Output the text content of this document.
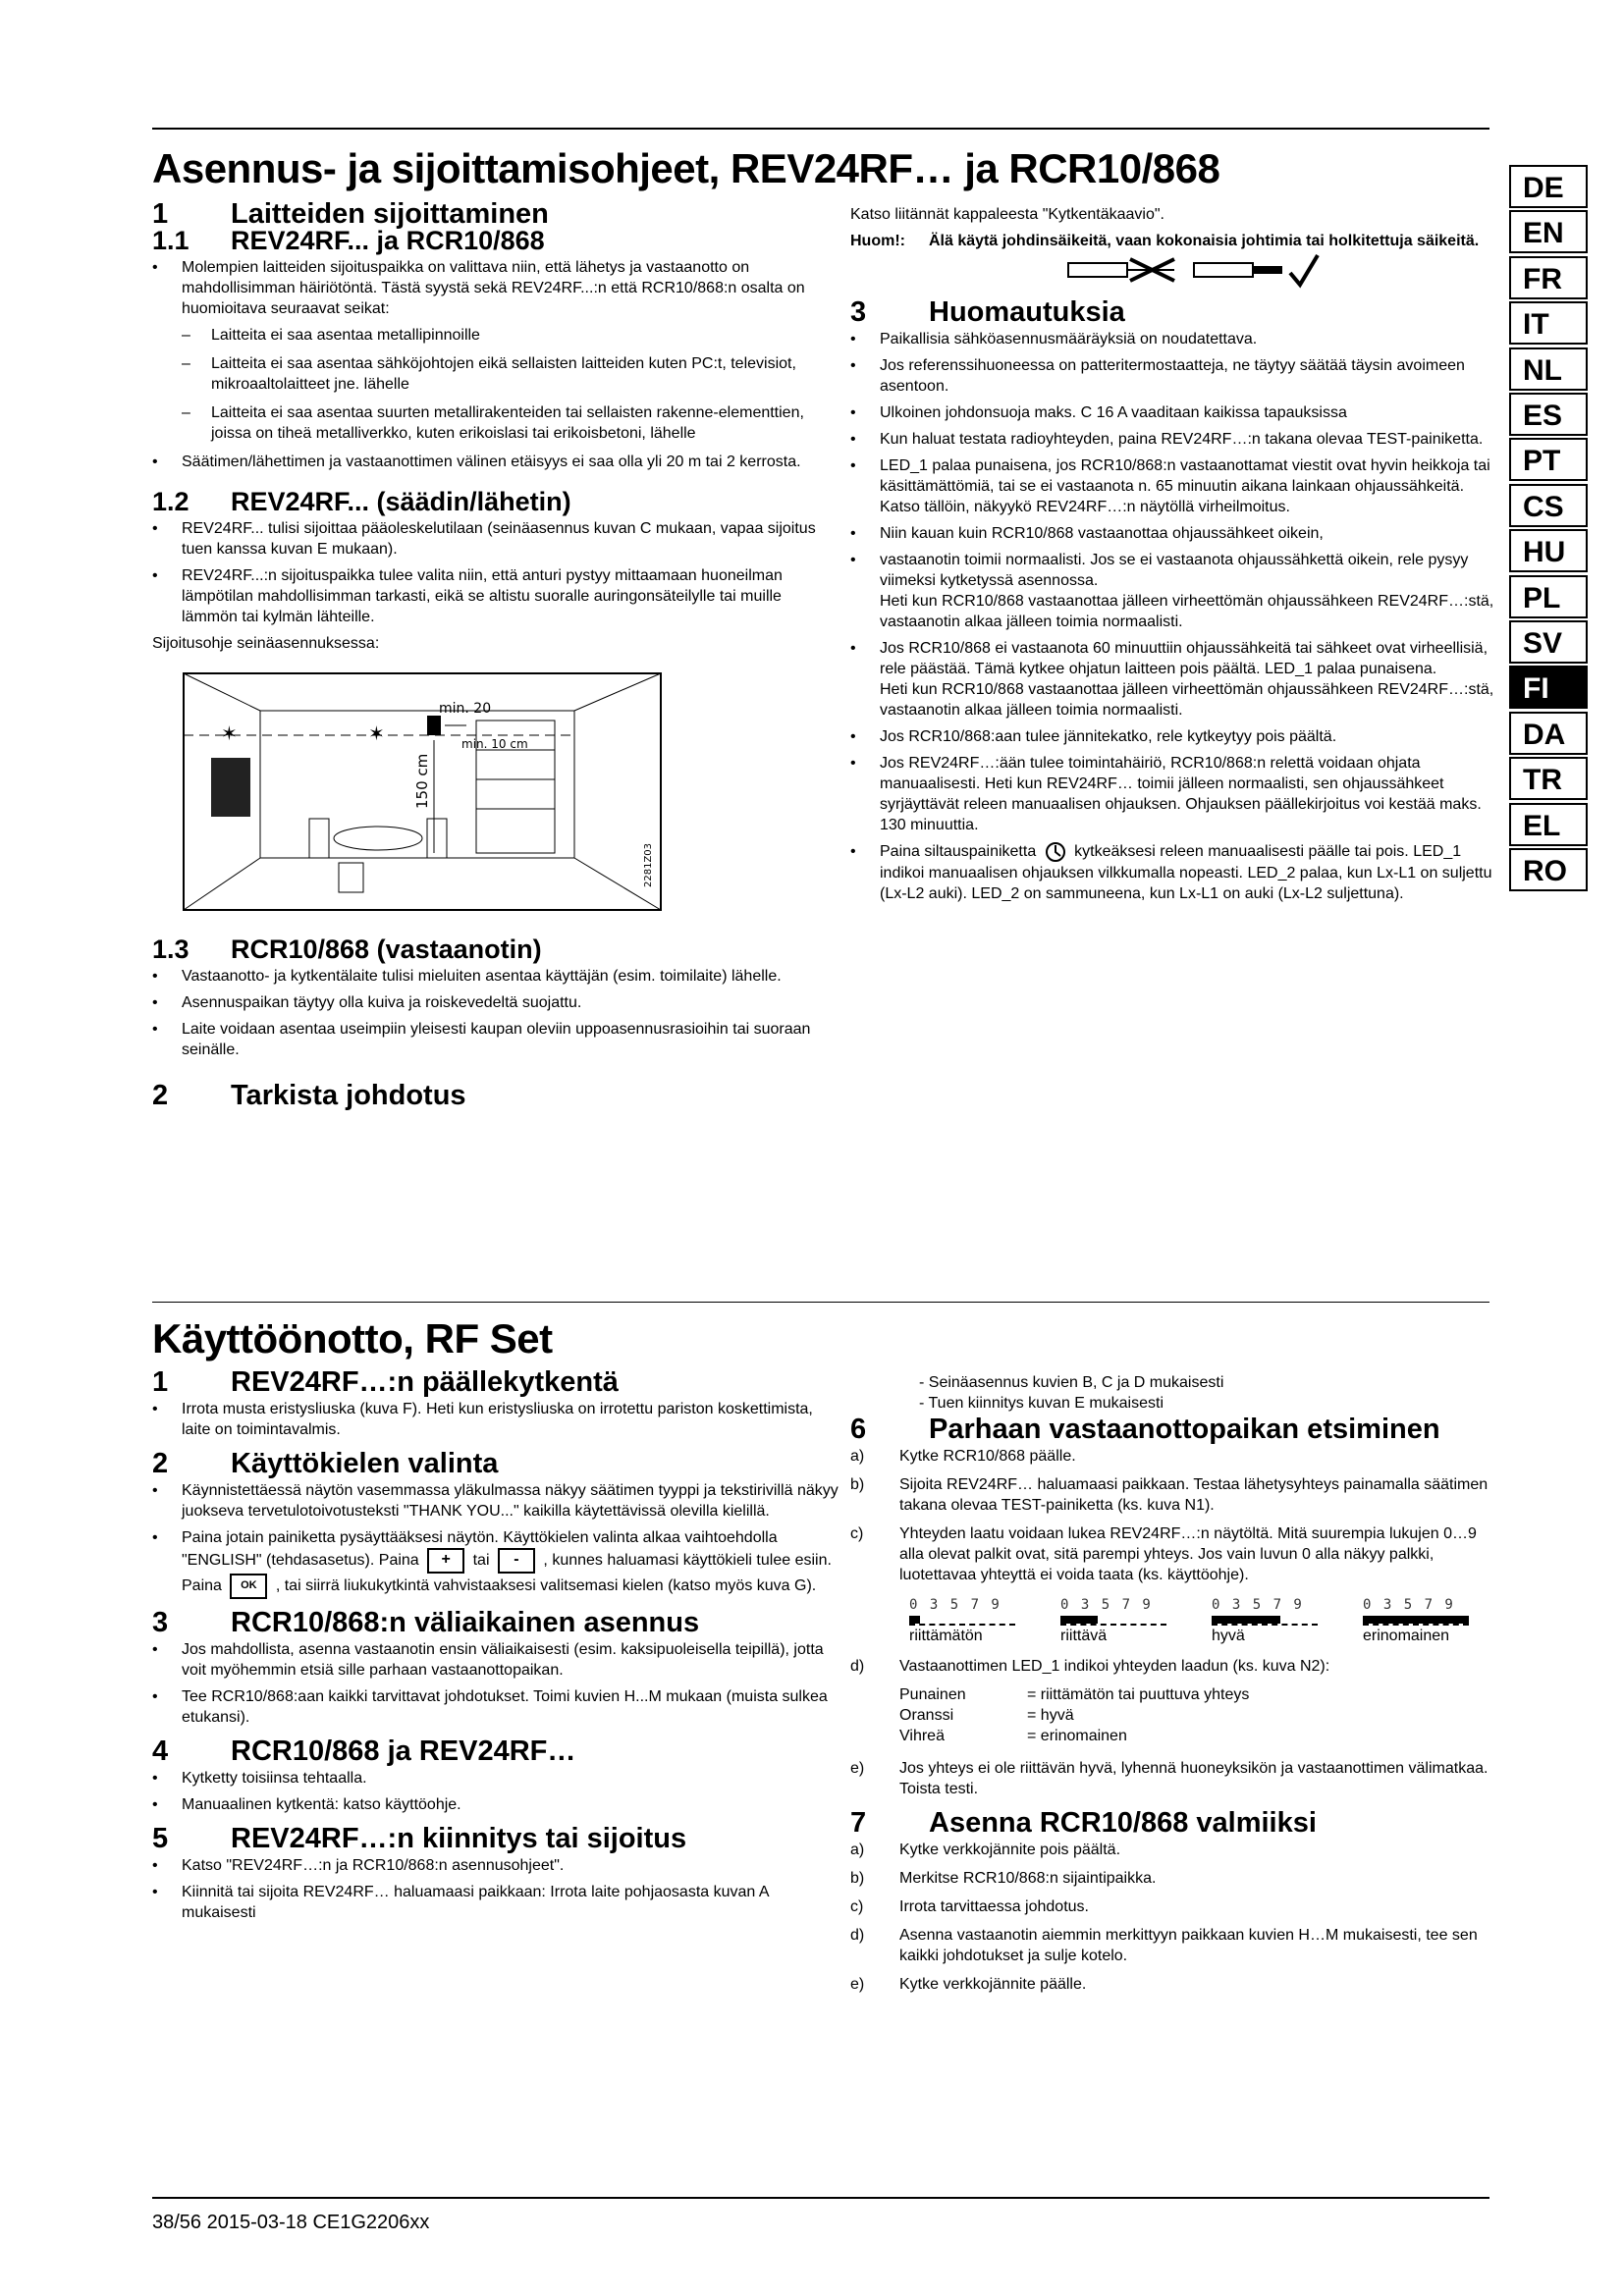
DE
EN
FR
IT
NL
ES
PT
CS
HU
PL
SV
FI
DA
TR
EL
RO
Asennus- ja sijoittamisohjeet, REV24RF… ja RCR10/868
1	Laitteiden sijoittaminen
1.1	REV24RF... ja RCR10/868
• Molempien laitteiden sijoituspaikka on valittava niin, että lähetys ja vastaanotto on mahdollisimman häiriötöntä. Tästä syystä sekä REV24RF...:n että RCR10/868:n osalta on huomioitava seuraavat seikat:
– Laitteita ei saa asentaa metallipinnoille
– Laitteita ei saa asentaa sähköjohtojen eikä sellaisten laitteiden kuten PC:t, televisiot, mikroaaltolaitteet jne. lähelle
– Laitteita ei saa asentaa suurten metallirakenteiden tai sellaisten rakenne-elementtien, joissa on tiheä metalliverkko, kuten erikoislasi tai erikoisbetoni, lähelle
• Säätimen/lähettimen ja vastaanottimen välinen etäisyys ei saa olla yli 20 m tai 2 kerrosta.
1.2	REV24RF... (säädin/lähetin)
• REV24RF... tulisi sijoittaa pääoleskelutilaan (seinäasennus kuvan C mukaan, vapaa sijoitus tuen kanssa kuvan E mukaan).
• REV24RF...:n sijoituspaikka tulee valita niin, että anturi pystyy mittaamaan huoneilman lämpötilan mahdollisimman tarkasti, eikä se altistu suoralle auringonsäteilylle tai muille lämmön tai kylmän lähteille.

Sijoitusohje seinäasennuksessa:

✶	✶
min. 20
min. 10 cm
150 cm
2281Z03
1.3	RCR10/868 (vastaanotin)
• Vastaanotto- ja kytkentälaite tulisi mieluiten asentaa käyttäjän (esim. toimilaite) lähelle.
• Asennuspaikan täytyy olla kuiva ja roiskevedeltä suojattu.
• Laite voidaan asentaa useimpiin yleisesti kaupan oleviin uppoasennusrasioihin tai suoraan seinälle.
2	Tarkista johdotus

Katso liitännät kappaleesta "Kytkentäkaavio".

Huom!:	Älä käytä johdinsäikeitä, vaan kokonaisia johtimia tai holkitettuja säikeitä.
3	Huomautuksia
• Paikallisia sähköasennusmääräyksiä on noudatettava.
• Jos referenssihuoneessa on patteritermostaatteja, ne täytyy säätää täysin avoimeen asentoon.
• Ulkoinen johdonsuoja maks. C 16 A vaaditaan kaikissa tapauksissa
• Kun haluat testata radioyhteyden, paina REV24RF…:n takana olevaa TEST-painiketta.
• LED_1 palaa punaisena, jos RCR10/868:n vastaanottamat viestit ovat hyvin heikkoja tai käsittämättömiä, tai se ei vastaanota n. 65 minuutin aikana lainkaan ohjaussähkeitä. Katso tällöin, näkyykö REV24RF…:n näytöllä virheilmoitus.
• Niin kauan kuin RCR10/868 vastaanottaa ohjaussähkeet oikein,
• vastaanotin toimii normaalisti. Jos se ei vastaanota ohjaussähkettä oikein, rele pysyy viimeksi kytketyssä asennossa.
Heti kun RCR10/868 vastaanottaa jälleen virheettömän ohjaussähkeen REV24RF…:stä, vastaanotin alkaa jälleen toimia normaalisti.
• Jos RCR10/868 ei vastaanota 60 minuuttiin ohjaussähkeitä tai sähkeet ovat virheellisiä, rele päästää. Tämä kytkee ohjatun laitteen pois päältä. LED_1 palaa punaisena.
Heti kun RCR10/868 vastaanottaa jälleen virheettömän ohjaussähkeen REV24RF…:stä, vastaanotin alkaa jälleen toimia normaalisti.
• Jos RCR10/868:aan tulee jännitekatko, rele kytkeytyy pois päältä.
• Jos REV24RF…:ään tulee toimintahäiriö, RCR10/868:n relettä voidaan ohjata manuaalisesti. Heti kun REV24RF… toimii jälleen normaalisti, sen ohjaussähkeet syrjäyttävät releen manuaalisen ohjauksen. Ohjauksen päällekirjoitus voi kestää maks. 130 minuuttia.
• Paina siltauspainiketta kytkeäksesi releen manuaalisesti päälle tai pois. LED_1 indikoi manuaalisen ohjauksen vilkkumalla nopeasti. LED_2 palaa, kun Lx-L1 on suljettu (Lx-L2 auki). LED_2 on sammuneena, kun Lx-L1 on auki (Lx-L2 suljettuna).
Käyttöönotto, RF Set
1	REV24RF…:n päällekytkentä
• Irrota musta eristysliuska (kuva F). Heti kun eristysliuska on irrotettu pariston koskettimista, laite on toimintavalmis.
2	Käyttökielen valinta
• Käynnistettäessä näytön vasemmassa yläkulmassa näkyy säätimen tyyppi ja tekstirivillä näkyy juokseva tervetulotoivotusteksti "THANK YOU..." kaikilla käytettävissä olevilla kielillä.
• Paina jotain painiketta pysäyttääksesi näytön. Käyttökielen valinta alkaa vaihtoehdolla "ENGLISH" (tehdasasetus). Paina + tai - , kunnes haluamasi käyttökieli tulee esiin. Paina OK , tai siirrä liukukytkintä vahvistaaksesi valitsemasi kielen (katso myös kuva G).
3	RCR10/868:n väliaikainen asennus
• Jos mahdollista, asenna vastaanotin ensin väliaikaisesti (esim. kaksipuoleisella teipillä), jotta voit myöhemmin etsiä sille parhaan vastaanottopaikan.
• Tee RCR10/868:aan kaikki tarvittavat johdotukset. Toimi kuvien H...M mukaan (muista sulkea etukansi).
4	RCR10/868 ja REV24RF…
• Kytketty toisiinsa tehtaalla.
• Manuaalinen kytkentä: katso käyttöohje.
5	REV24RF…:n kiinnitys tai sijoitus
• Katso "REV24RF…:n ja RCR10/868:n asennusohjeet".
• Kiinnitä tai sijoita REV24RF… haluamaasi paikkaan: Irrota laite pohjaosasta kuvan A mukaisesti
- Seinäasennus kuvien B, C ja D mukaisesti
- Tuen kiinnitys kuvan E mukaisesti
6	Parhaan vastaanottopaikan etsiminen
a)	Kytke RCR10/868 päälle.
b)	Sijoita REV24RF… haluamaasi paikkaan. Testaa lähetysyhteys painamalla säätimen takana olevaa TEST-painiketta (ks. kuva N1).
c)	Yhteyden laatu voidaan lukea REV24RF…:n näytöltä. Mitä suurempia lukujen 0…9 alla olevat palkit ovat, sitä parempi yhteys. Jos vain luvun 0 alla näkyy palkki, luotettavaa yhteyttä ei voida taata (ks. käyttöohje).
0 3 5 7 9
riittämätön
0 3 5 7 9
riittävä
0 3 5 7 9
hyvä
0 3 5 7 9
erinomainen
d)	Vastaanottimen LED_1 indikoi yhteyden laadun (ks. kuva N2):
Punainen	= riittämätön tai puuttuva yhteys
Oranssi	= hyvä
Vihreä	= erinomainen
e)	Jos yhteys ei ole riittävän hyvä, lyhennä huoneyksikön ja vastaanottimen välimatkaa. Toista testi.
7	Asenna RCR10/868 valmiiksi
a)	Kytke verkkojännite pois päältä.
b)	Merkitse RCR10/868:n sijaintipaikka.
c)	Irrota tarvittaessa johdotus.
d)	Asenna vastaanotin aiemmin merkittyyn paikkaan kuvien H…M mukaisesti, tee sen kaikki johdotukset ja sulje kotelo.
e)	Kytke verkkojännite päälle.
38/56 2015-03-18 CE1G2206xx
